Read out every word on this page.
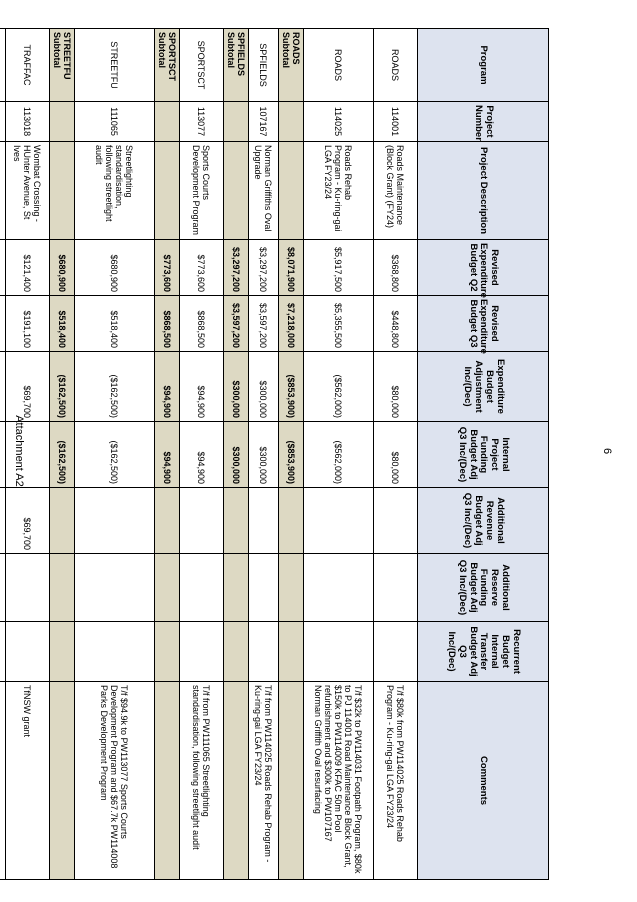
Attachment A2
Program	Project Number	Project Description	Revised Expenditure Budget Q2	Revised Expenditure Budget Q3	Expenditure Budget Adjustment Inc/(Dec)	Internal Project Funding Budget Adj Q3 Inc/(Dec)	Additional Revenue Budget Adj Q3 Inc/(Dec)	Additional Reserve Funding Budget Adj Q3 Inc/(Dec)	Recurrent Budget Internal Transfer Budget Adj Q3 Inc/(Dec)	Comments
ROADS	114001	Roads Maintenance (Block Grant) (FY24)	$368,800	$448,800	$80,000	$80,000				T/f $80k from PW114025 Roads Rehab Program - Ku-ring-gai LGA FY23/24
ROADS	114025	Roads Rehab Program - Ku-ring-gai LGA FY23/24	$5,917,500	$5,355,500	($562,000)	($562,000)				T/f $32k to PW114031 Footpath Program, $80k to PJ 114001 Road Maintenance Block Grant, $150k to PW114009 KFAC 50m Pool refurbishment and $300k to PW107167 Norman Griffith Oval resurfacing
ROADS Subtotal			$8,071,900	$7,218,000	($853,900)	($853,900)				
SPFIELDS	107167	Norman Griffiths Oval Upgrade	$3,297,200	$3,597,200	$300,000	$300,000				T/f from PW114025 Roads Rehab Program - Ku-ring-gai LGA FY23/24
SPFIELDS Subtotal			$3,297,200	$3,597,200	$300,000	$300,000				
SPORTSCT	113077	Sports Courts Development Program	$773,600	$868,500	$94,900	$94,900				T/f from PW111065 Streetlighting standardisation, following streetlight audit
SPORTSCT Subtotal			$773,600	$868,500	$94,900	$94,900				
STREETFU	111065	Streetlighting standardisation, following streetlight audit	$680,900	$518,400	($162,500)	($162,500)				T/f $94.9k to PW113077 Sports Courts Development Program and $67.7k PW114008 Parks Development Program
STREETFU Subtotal			$680,900	$518,400	($162,500)	($162,500)				
TRAFFAC	113018	Wombat Crossing - HUnter Avenue, St Ives	$121,400	$191,100	$69,700		$69,700			TfNSW grant

6
